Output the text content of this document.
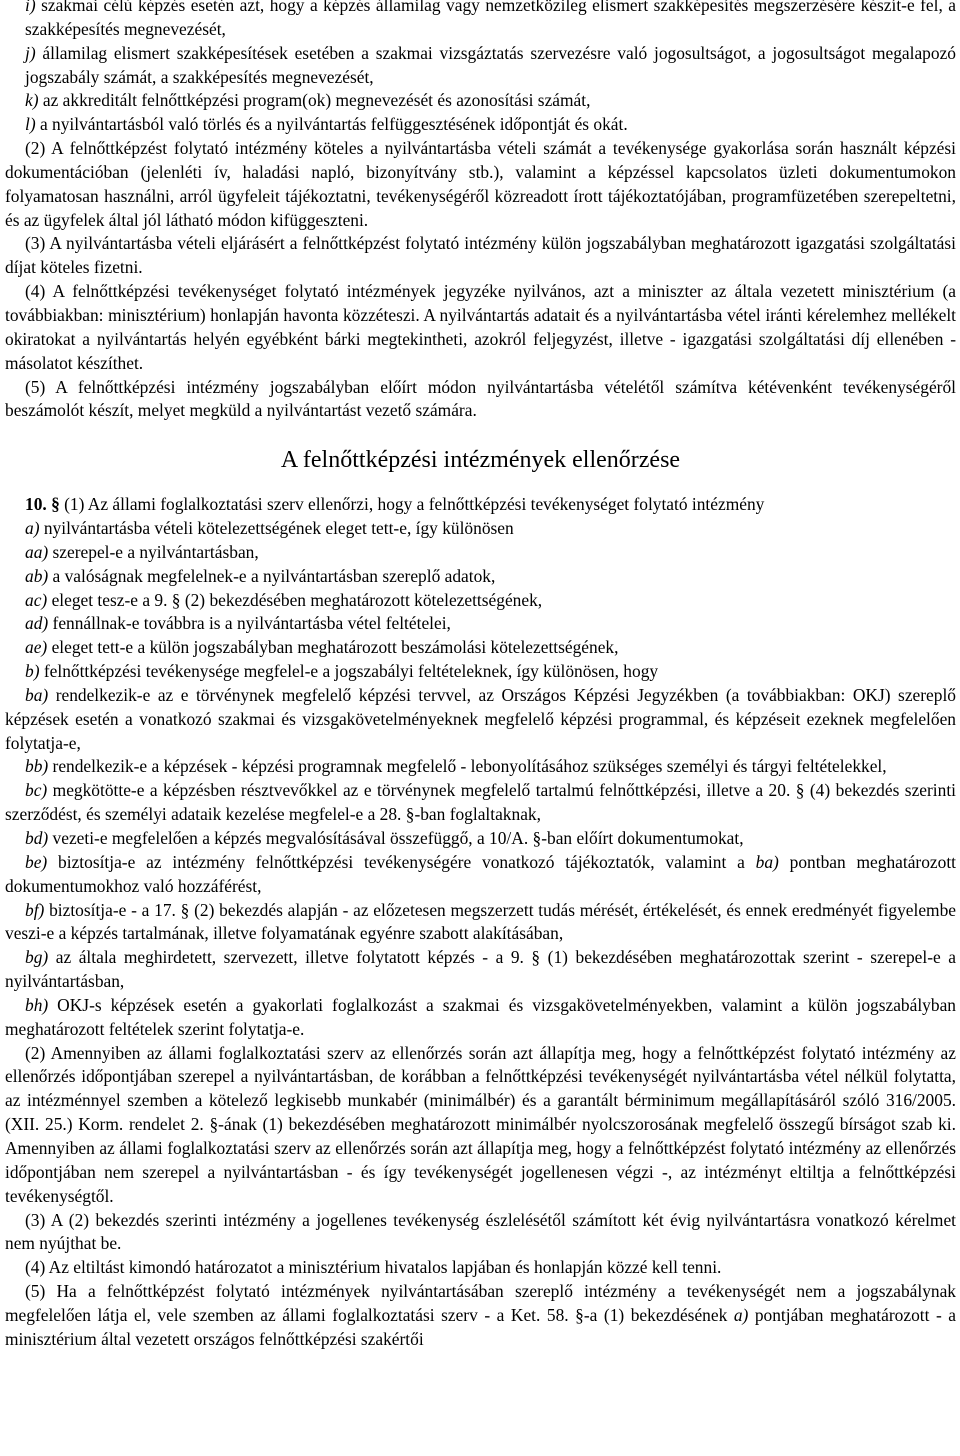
i) szakmai célú képzés esetén azt, hogy a képzés államilag vagy nemzetközileg elismert szakképesítés megszerzésére készít-e fel, a szakképesítés megnevezését,

j) államilag elismert szakképesítések esetében a szakmai vizsgáztatás szervezésre való jogosultságot, a jogosultságot megalapozó jogszabály számát, a szakképesítés megnevezését,

k) az akkreditált felnőttképzési program(ok) megnevezését és azonosítási számát,

l) a nyilvántartásból való törlés és a nyilvántartás felfüggesztésének időpontját és okát.

(2) A felnőttképzést folytató intézmény köteles a nyilvántartásba vételi számát a tevékenysége gyakorlása során használt képzési dokumentációban (jelenléti ív, haladási napló, bizonyítvány stb.), valamint a képzéssel kapcsolatos üzleti dokumentumokon folyamatosan használni, arról ügyfeleit tájékoztatni, tevékenységéről közreadott írott tájékoztatójában, programfüzetében szerepeltetni, és az ügyfelek által jól látható módon kifüggeszteni.

(3) A nyilvántartásba vételi eljárásért a felnőttképzést folytató intézmény külön jogszabályban meghatározott igazgatási szolgáltatási díjat köteles fizetni.

(4) A felnőttképzési tevékenységet folytató intézmények jegyzéke nyilvános, azt a miniszter az általa vezetett minisztérium (a továbbiakban: minisztérium) honlapján havonta közzéteszi. A nyilvántartás adatait és a nyilvántartásba vétel iránti kérelemhez mellékelt okiratokat a nyilvántartás helyén egyébként bárki megtekintheti, azokról feljegyzést, illetve - igazgatási szolgáltatási díj ellenében - másolatot készíthet.

(5) A felnőttképzési intézmény jogszabályban előírt módon nyilvántartásba vételétől számítva kétévenként tevékenységéről beszámolót készít, melyet megküld a nyilvántartást vezető számára.

A felnőttképzési intézmények ellenőrzése

10. § (1) Az állami foglalkoztatási szerv ellenőrzi, hogy a felnőttképzési tevékenységet folytató intézmény

a) nyilvántartásba vételi kötelezettségének eleget tett-e, így különösen

aa) szerepel-e a nyilvántartásban,

ab) a valóságnak megfelelnek-e a nyilvántartásban szereplő adatok,

ac) eleget tesz-e a 9. § (2) bekezdésében meghatározott kötelezettségének,

ad) fennállnak-e továbbra is a nyilvántartásba vétel feltételei,

ae) eleget tett-e a külön jogszabályban meghatározott beszámolási kötelezettségének,

b) felnőttképzési tevékenysége megfelel-e a jogszabályi feltételeknek, így különösen, hogy

ba) rendelkezik-e az e törvénynek megfelelő képzési tervvel, az Országos Képzési Jegyzékben (a továbbiakban: OKJ) szereplő képzések esetén a vonatkozó szakmai és vizsgakövetelményeknek megfelelő képzési programmal, és képzéseit ezeknek megfelelően folytatja-e,

bb) rendelkezik-e a képzések - képzési programnak megfelelő - lebonyolításához szükséges személyi és tárgyi feltételekkel,

bc) megkötötte-e a képzésben résztvevőkkel az e törvénynek megfelelő tartalmú felnőttképzési, illetve a 20. § (4) bekezdés szerinti szerződést, és személyi adataik kezelése megfelel-e a 28. §-ban foglaltaknak,

bd) vezeti-e megfelelően a képzés megvalósításával összefüggő, a 10/A. §-ban előírt dokumentumokat,

be) biztosítja-e az intézmény felnőttképzési tevékenységére vonatkozó tájékoztatók, valamint a ba) pontban meghatározott dokumentumokhoz való hozzáférést,

bf) biztosítja-e - a 17. § (2) bekezdés alapján - az előzetesen megszerzett tudás mérését, értékelését, és ennek eredményét figyelembe veszi-e a képzés tartalmának, illetve folyamatának egyénre szabott alakításában,

bg) az általa meghirdetett, szervezett, illetve folytatott képzés - a 9. § (1) bekezdésében meghatározottak szerint - szerepel-e a nyilvántartásban,

bh) OKJ-s képzések esetén a gyakorlati foglalkozást a szakmai és vizsgakövetelményekben, valamint a külön jogszabályban meghatározott feltételek szerint folytatja-e.

(2) Amennyiben az állami foglalkoztatási szerv az ellenőrzés során azt állapítja meg, hogy a felnőttképzést folytató intézmény az ellenőrzés időpontjában szerepel a nyilvántartásban, de korábban a felnőttképzési tevékenységét nyilvántartásba vétel nélkül folytatta, az intézménnyel szemben a kötelező legkisebb munkabér (minimálbér) és a garantált bérminimum megállapításáról szóló 316/2005. (XII. 25.) Korm. rendelet 2. §-ának (1) bekezdésében meghatározott minimálbér nyolcszorosának megfelelő összegű bírságot szab ki. Amennyiben az állami foglalkoztatási szerv az ellenőrzés során azt állapítja meg, hogy a felnőttképzést folytató intézmény az ellenőrzés időpontjában nem szerepel a nyilvántartásban - és így tevékenységét jogellenesen végzi -, az intézményt eltiltja a felnőttképzési tevékenységtől.

(3) A (2) bekezdés szerinti intézmény a jogellenes tevékenység észlelésétől számított két évig nyilvántartásra vonatkozó kérelmet nem nyújthat be.

(4) Az eltiltást kimondó határozatot a minisztérium hivatalos lapjában és honlapján közzé kell tenni.

(5) Ha a felnőttképzést folytató intézmények nyilvántartásában szereplő intézmény a tevékenységét nem a jogszabálynak megfelelően látja el, vele szemben az állami foglalkoztatási szerv - a Ket. 58. §-a (1) bekezdésének a) pontjában meghatározott - a minisztérium által vezetett országos felnőttképzési szakértői
